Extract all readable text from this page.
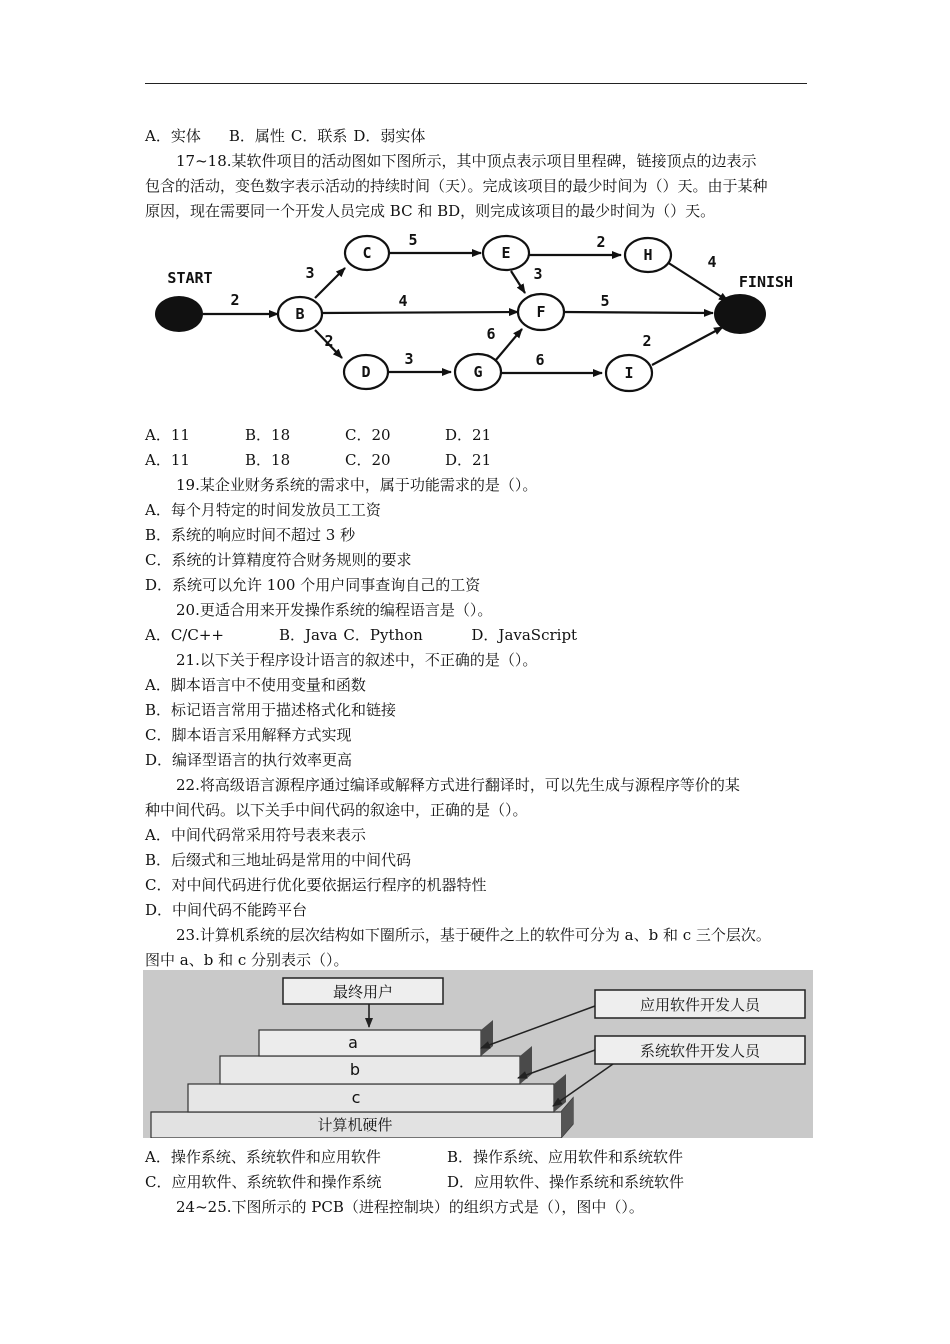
A．实体 B．属性 C．联系 D．弱实体
17~18.某软件项目的活动图如下图所示，其中顶点表示项目里程碑，链接顶点的边表示
包含的活动，变色数字表示活动的持续时间（天）。完成该项目的最少时间为（）天。由于某种
原因，现在需要同一个开发人员完成 BC 和 BD，则完成该项目的最少时间为（）天。
START	FINISH
B
C
D
E
F
G
H
I
2
3
4
2
5	2
3
4
5
3
6
6
2
A．11	B．18	C．20	D．21
A．11	B．18	C．20	D．21
19.某企业财务系统的需求中，属于功能需求的是（）。
A．每个月特定的时间发放员工工资
B．系统的响应时间不超过 3 秒
C．系统的计算精度符合财务规则的要求
D．系统可以允许 100 个用户同事查询自己的工资
20.更适合用来开发操作系统的编程语言是（）。
A．C/C++	B．Java C．Python	D．JavaScript
21.以下关于程序设计语言的叙述中，不正确的是（）。
A．脚本语言中不使用变量和函数
B．标记语言常用于描述格式化和链接
C．脚本语言采用解释方式实现
D．编译型语言的执行效率更高
22.将高级语言源程序通过编译或解释方式进行翻译时，可以先生成与源程序等价的某
种中间代码。以下关手中间代码的叙途中，正确的是（）。
A．中间代码常采用符号表来表示
B．后缀式和三地址码是常用的中间代码
C．对中间代码进行优化要依据运行程序的机器特性
D．中间代码不能跨平台
23.计算机系统的层次结构如下圈所示，基于硬件之上的软件可分为 a、b 和 c 三个层次。
图中 a、b 和 c 分别表示（）。
最终用户
计算机硬件
c
b
a
应用软件开发人员
系统软件开发人员
A．操作系统、系统软件和应用软件	B．操作系统、应用软件和系统软件
C．应用软件、系统软件和操作系统	D．应用软件、操作系统和系统软件
24~25.下图所示的 PCB（进程控制块）的组织方式是（），图中（）。
